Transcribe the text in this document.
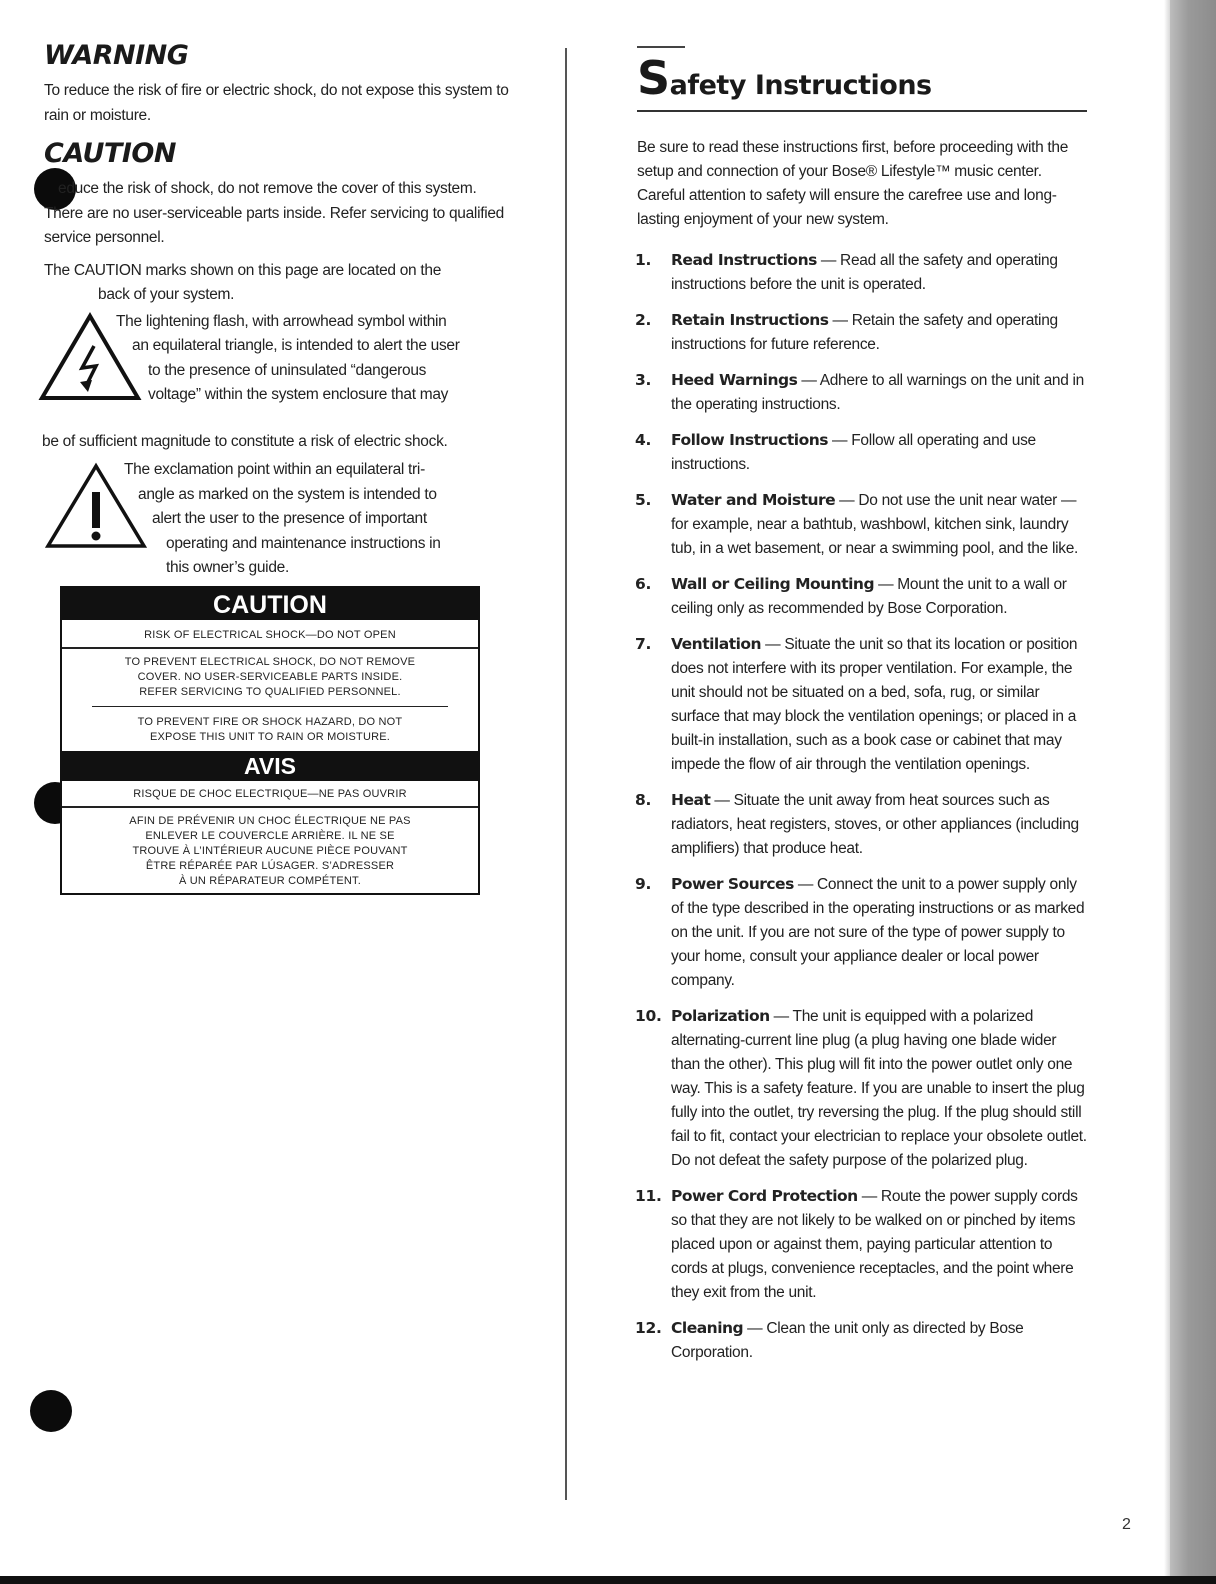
WARNING

To reduce the risk of fire or electric shock, do not expose this system to rain or moisture.

CAUTION

educe the risk of shock, do not remove the cover of this system. There are no user-serviceable parts inside. Refer servicing to qualified service personnel.

The CAUTION marks shown on this page are located on the

back of your system.

The lightening flash, with arrowhead symbol within

an equilateral triangle, is intended to alert the user

to the presence of uninsulated “dangerous

voltage” within the system enclosure that may

be of sufficient magnitude to constitute a risk of electric shock.

The exclamation point within an equilateral tri-

angle as marked on the system is intended to

alert the user to the presence of important

operating and maintenance instructions in

this owner’s guide.

CAUTION
RISK OF ELECTRICAL SHOCK—DO NOT OPEN
TO PREVENT ELECTRICAL SHOCK, DO NOT REMOVE
COVER. NO USER-SERVICEABLE PARTS INSIDE.
REFER SERVICING TO QUALIFIED PERSONNEL.
TO PREVENT FIRE OR SHOCK HAZARD, DO NOT
EXPOSE THIS UNIT TO RAIN OR MOISTURE.
AVIS
RISQUE DE CHOC ELECTRIQUE—NE PAS OUVRIR
AFIN DE PRÉVENIR UN CHOC ÉLECTRIQUE NE PAS
ENLEVER LE COUVERCLE ARRIÈRE. IL NE SE
TROUVE À L’INTÉRIEUR AUCUNE PIÈCE POUVANT
ÊTRE RÉPARÉE PAR LÚSAGER. S’ADRESSER
À UN RÉPARATEUR COMPÉTENT.
Safety Instructions

Be sure to read these instructions first, before proceeding with the setup and connection of your Bose® Lifestyle™ music center. Careful attention to safety will ensure the carefree use and long-lasting enjoyment of your new system.

1. Read Instructions — Read all the safety and operating instructions before the unit is operated.
2. Retain Instructions — Retain the safety and operating instructions for future reference.
3. Heed Warnings — Adhere to all warnings on the unit and in the operating instructions.
4. Follow Instructions — Follow all operating and use instructions.
5. Water and Moisture — Do not use the unit near water — for example, near a bathtub, washbowl, kitchen sink, laundry tub, in a wet basement, or near a swimming pool, and the like.
6. Wall or Ceiling Mounting — Mount the unit to a wall or ceiling only as recommended by Bose Corporation.
7. Ventilation — Situate the unit so that its location or position does not interfere with its proper ventilation. For example, the unit should not be situated on a bed, sofa, rug, or similar surface that may block the ventilation openings; or placed in a built-in installation, such as a book case or cabinet that may impede the flow of air through the ventilation openings.
8. Heat — Situate the unit away from heat sources such as radiators, heat registers, stoves, or other appliances (including amplifiers) that produce heat.
9. Power Sources — Connect the unit to a power supply only of the type described in the operating instructions or as marked on the unit. If you are not sure of the type of power supply to your home, consult your appliance dealer or local power company.
10. Polarization — The unit is equipped with a polarized alternating-current line plug (a plug having one blade wider than the other). This plug will fit into the power outlet only one way. This is a safety feature. If you are unable to insert the plug fully into the outlet, try reversing the plug. If the plug should still fail to fit, contact your electrician to replace your obsolete outlet. Do not defeat the safety purpose of the polarized plug.
11. Power Cord Protection — Route the power supply cords so that they are not likely to be walked on or pinched by items placed upon or against them, paying particular attention to cords at plugs, convenience receptacles, and the point where they exit from the unit.
12. Cleaning — Clean the unit only as directed by Bose Corporation.
2
